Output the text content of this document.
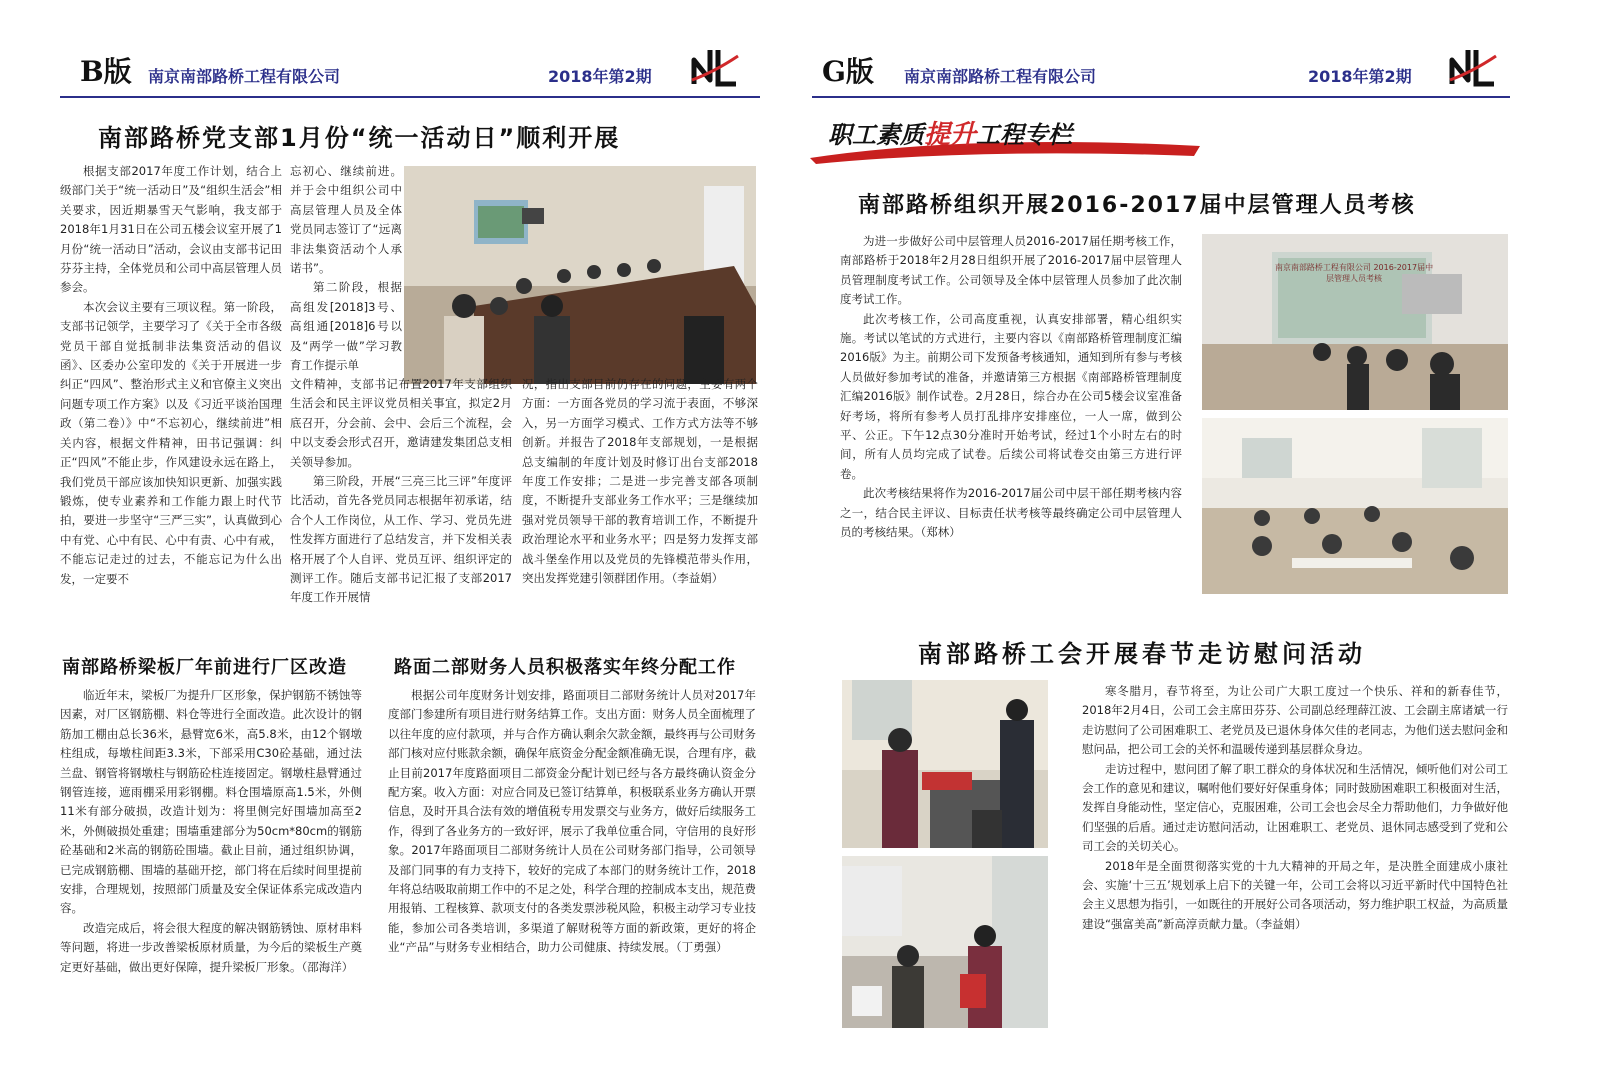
B版 南京南部路桥工程有限公司	2018年第2期
南部路桥党支部1月份“统一活动日”顺利开展

根据支部2017年度工作计划，结合上级部门关于“统一活动日”及“组织生活会”相关要求，因近期暴雪天气影响，我支部于2018年1月31日在公司五楼会议室开展了1月份“统一活动日”活动，会议由支部书记田芬芬主持，全体党员和公司中高层管理人员参会。

本次会议主要有三项议程。第一阶段，支部书记领学，主要学习了《关于全市各级党员干部自觉抵制非法集资活动的倡议函》、区委办公室印发的《关于开展进一步纠正“四风”、整治形式主义和官僚主义突出问题专项工作方案》以及《习近平谈治国理政（第二卷）》中“不忘初心，继续前进”相关内容，根据文件精神，田书记强调：纠正“四风”不能止步，作风建设永远在路上，我们党员干部应该加快知识更新、加强实践锻炼，使专业素养和工作能力跟上时代节拍，要进一步坚守“三严三实”，认真做到心中有党、心中有民、心中有责、心中有戒，不能忘记走过的过去，不能忘记为什么出发，一定要不

忘初心、继续前进。并于会中组织公司中高层管理人员及全体党员同志签订了“远离非法集资活动个人承诺书”。

第二阶段，根据高组发[2018]3号、高组通[2018]6号以及“两学一做”学习教育工作提示单

文件精神，支部书记布置2017年支部组织生活会和民主评议党员相关事宜，拟定2月底召开，分会前、会中、会后三个流程，会中以支委会形式召开，邀请建发集团总支相关领导参加。

第三阶段，开展“三亮三比三评”年度评比活动，首先各党员同志根据年初承诺，结合个人工作岗位，从工作、学习、党员先进性发挥方面进行了总结发言，并下发相关表格开展了个人自评、党员互评、组织评定的测评工作。随后支部书记汇报了支部2017年度工作开展情

况，指出支部目前仍存在的问题，主要有两个方面：一方面各党员的学习流于表面，不够深入，另一方面学习模式、工作方式方法等不够创新。并报告了2018年支部规划，一是根据总支编制的年度计划及时修订出台支部2018年度工作安排；二是进一步完善支部各项制度，不断提升支部业务工作水平；三是继续加强对党员领导干部的教育培训工作，不断提升政治理论水平和业务水平；四是努力发挥支部战斗堡垒作用以及党员的先锋模范带头作用，突出发挥党建引领群团作用。（李益娟）

南部路桥梁板厂年前进行厂区改造

临近年末，梁板厂为提升厂区形象，保护钢筋不锈蚀等因素，对厂区钢筋棚、料仓等进行全面改造。此次设计的钢筋加工棚由总长36米，悬臂宽6米，高5.8米，由12个钢墩柱组成，每墩柱间距3.3米，下部采用C30砼基础，通过法兰盘、钢管将钢墩柱与钢筋砼柱连接固定。钢墩柱悬臂通过钢管连接，遮雨棚采用彩钢棚。料仓围墙原高1.5米，外侧11米有部分破损，改造计划为：将里侧完好围墙加高至2米，外侧破损处重建；围墙重建部分为50cm*80cm的钢筋砼基础和2米高的钢筋砼围墙。截止目前，通过组织协调，已完成钢筋棚、围墙的基础开挖，部门将在后续时间里提前安排，合理规划，按照部门质量及安全保证体系完成改造内容。

改造完成后，将会很大程度的解决钢筋锈蚀、原材串料等问题，将进一步改善梁板原材质量，为今后的梁板生产奠定更好基础，做出更好保障，提升梁板厂形象。（邵海洋）

路面二部财务人员积极落实年终分配工作

根据公司年度财务计划安排，路面项目二部财务统计人员对2017年度部门参建所有项目进行财务结算工作。支出方面：财务人员全面梳理了以往年度的应付款项，并与合作方确认剩余欠款金额，最终再与公司财务部门核对应付账款余额，确保年底资金分配金额准确无误，合理有序，截止目前2017年度路面项目二部资金分配计划已经与各方最终确认资金分配方案。收入方面：对应合同及已签订结算单，积极联系业务方确认开票信息，及时开具合法有效的增值税专用发票交与业务方，做好后续服务工作，得到了各业务方的一致好评，展示了我单位重合同，守信用的良好形象。2017年路面项目二部财务统计人员在公司财务部门指导，公司领导及部门同事的有力支持下，较好的完成了本部门的财务统计工作，2018年将总结吸取前期工作中的不足之处，科学合理的控制成本支出，规范费用报销、工程核算、款项支付的各类发票涉税风险，积极主动学习专业技能，参加公司各类培训，多渠道了解财税等方面的新政策，更好的将企业“产品”与财务专业相结合，助力公司健康、持续发展。（丁勇强）

G版 南京南部路桥工程有限公司	2018年第2期
职工素质提升工程专栏
南部路桥组织开展2016-2017届中层管理人员考核

为进一步做好公司中层管理人员2016-2017届任期考核工作，南部路桥于2018年2月28日组织开展了2016-2017届中层管理人员管理制度考试工作。公司领导及全体中层管理人员参加了此次制度考试工作。

此次考核工作，公司高度重视，认真安排部署，精心组织实施。考试以笔试的方式进行，主要内容以《南部路桥管理制度汇编2016版》为主。前期公司下发预备考核通知，通知到所有参与考核人员做好参加考试的准备，并邀请第三方根据《南部路桥管理制度汇编2016版》制作试卷。2月28日，综合办在公司5楼会议室准备好考场，将所有参考人员打乱排序安排座位，一人一席，做到公平、公正。下午12点30分准时开始考试，经过1个小时左右的时间，所有人员均完成了试卷。后续公司将试卷交由第三方进行评卷。

此次考核结果将作为2016-2017届公司中层干部任期考核内容之一，结合民主评议、目标责任状考核等最终确定公司中层管理人员的考核结果。（郑林）

南京南部路桥工程有限公司 2016-2017届中层管理人员考核
南部路桥工会开展春节走访慰问活动

寒冬腊月，春节将至，为让公司广大职工度过一个快乐、祥和的新春佳节，2018年2月4日，公司工会主席田芬芬、公司副总经理薛江波、工会副主席诸斌一行走访慰问了公司困难职工、老党员及已退休身体欠佳的老同志，为他们送去慰问金和慰问品，把公司工会的关怀和温暖传递到基层群众身边。

走访过程中，慰问团了解了职工群众的身体状况和生活情况，倾听他们对公司工会工作的意见和建议，嘱咐他们要好好保重身体；同时鼓励困难职工积极面对生活，发挥自身能动性，坚定信心，克服困难，公司工会也会尽全力帮助他们，力争做好他们坚强的后盾。通过走访慰问活动，让困难职工、老党员、退休同志感受到了党和公司工会的关切关心。

2018年是全面贯彻落实党的十九大精神的开局之年，是决胜全面建成小康社会、实施‘十三五’规划承上启下的关键一年，公司工会将以习近平新时代中国特色社会主义思想为指引，一如既往的开展好公司各项活动，努力维护职工权益，为高质量建设“强富美高”新高淳贡献力量。（李益娟）
